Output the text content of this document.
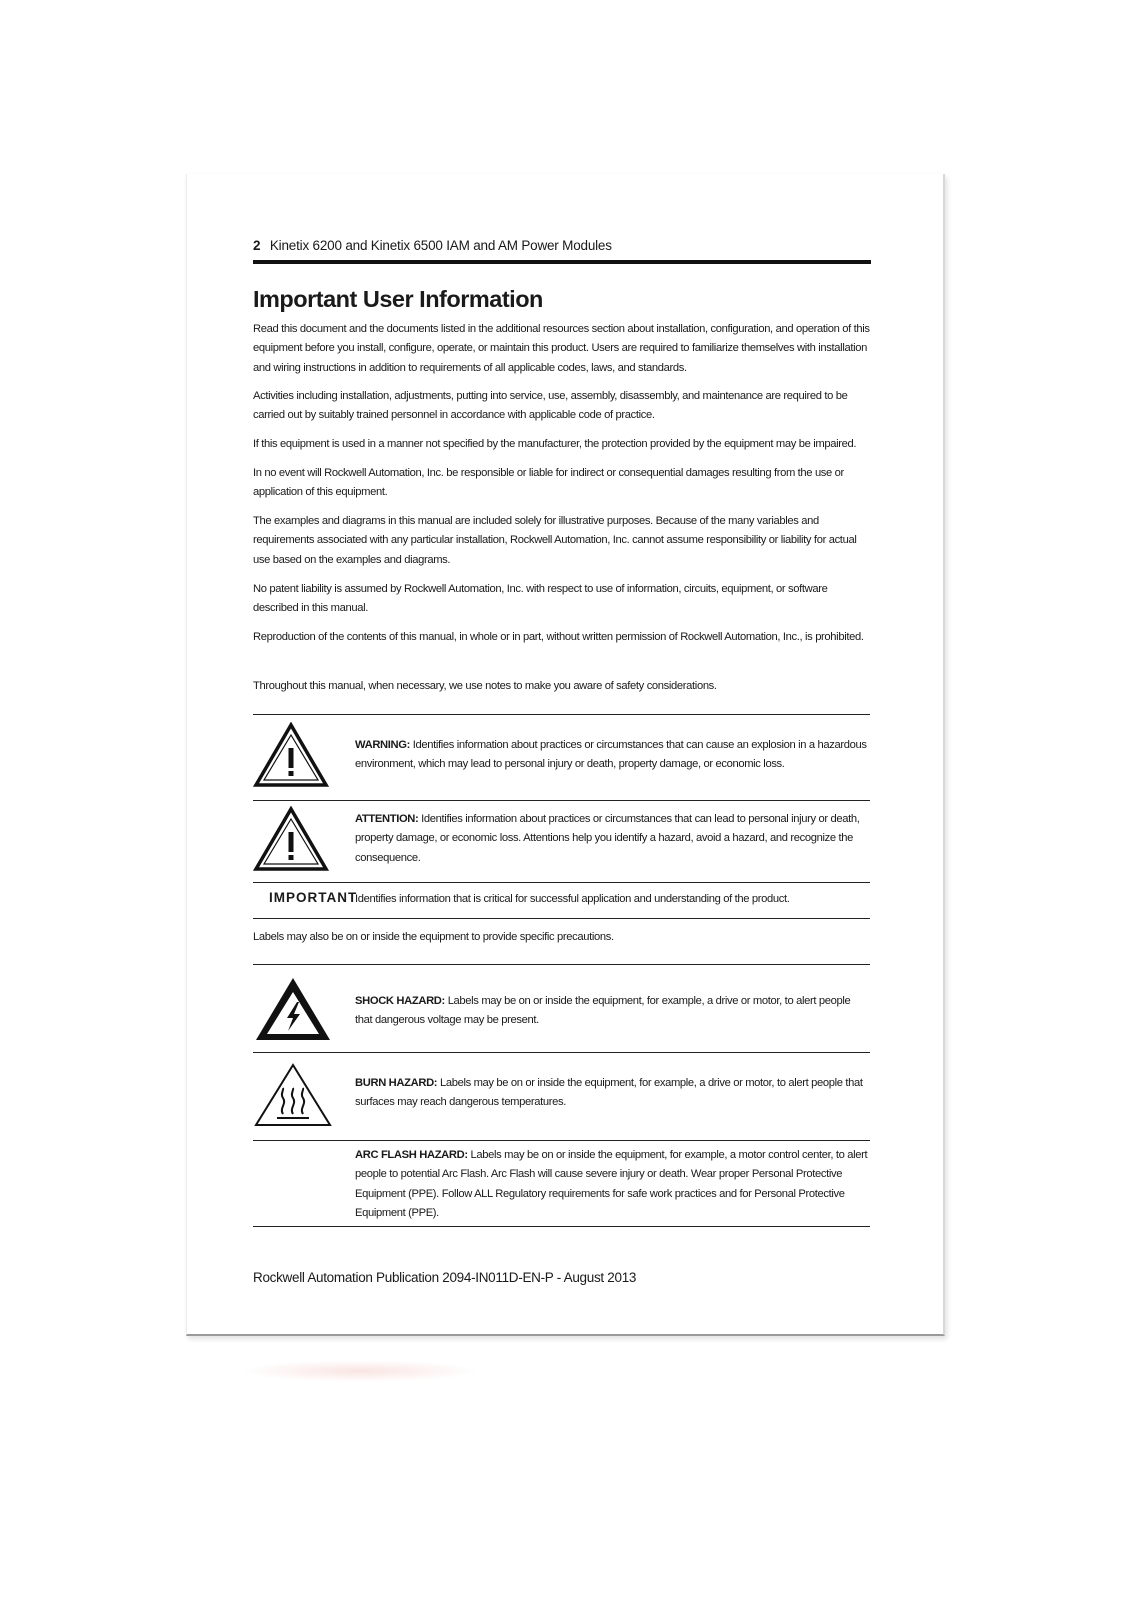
2 Kinetix 6200 and Kinetix 6500 IAM and AM Power Modules
Important User Information

Read this document and the documents listed in the additional resources section about installation, configuration, and operation of this equipment before you install, configure, operate, or maintain this product. Users are required to familiarize themselves with installation and wiring instructions in addition to requirements of all applicable codes, laws, and standards.

Activities including installation, adjustments, putting into service, use, assembly, disassembly, and maintenance are required to be carried out by suitably trained personnel in accordance with applicable code of practice.

If this equipment is used in a manner not specified by the manufacturer, the protection provided by the equipment may be impaired.

In no event will Rockwell Automation, Inc. be responsible or liable for indirect or consequential damages resulting from the use or application of this equipment.

The examples and diagrams in this manual are included solely for illustrative purposes. Because of the many variables and requirements associated with any particular installation, Rockwell Automation, Inc. cannot assume responsibility or liability for actual use based on the examples and diagrams.

No patent liability is assumed by Rockwell Automation, Inc. with respect to use of information, circuits, equipment, or software described in this manual.

Reproduction of the contents of this manual, in whole or in part, without written permission of Rockwell Automation, Inc., is prohibited.

Throughout this manual, when necessary, we use notes to make you aware of safety considerations.

WARNING: Identifies information about practices or circumstances that can cause an explosion in a hazardous environment, which may lead to personal injury or death, property damage, or economic loss.

ATTENTION: Identifies information about practices or circumstances that can lead to personal injury or death, property damage, or economic loss. Attentions help you identify a hazard, avoid a hazard, and recognize the consequence.

IMPORTANT

Identifies information that is critical for successful application and understanding of the product.

Labels may also be on or inside the equipment to provide specific precautions.

SHOCK HAZARD: Labels may be on or inside the equipment, for example, a drive or motor, to alert people that dangerous voltage may be present.

BURN HAZARD: Labels may be on or inside the equipment, for example, a drive or motor, to alert people that surfaces may reach dangerous temperatures.

ARC FLASH HAZARD: Labels may be on or inside the equipment, for example, a motor control center, to alert people to potential Arc Flash. Arc Flash will cause severe injury or death. Wear proper Personal Protective Equipment (PPE). Follow ALL Regulatory requirements for safe work practices and for Personal Protective Equipment (PPE).

Rockwell Automation Publication 2094-IN011D-EN-P - August 2013
